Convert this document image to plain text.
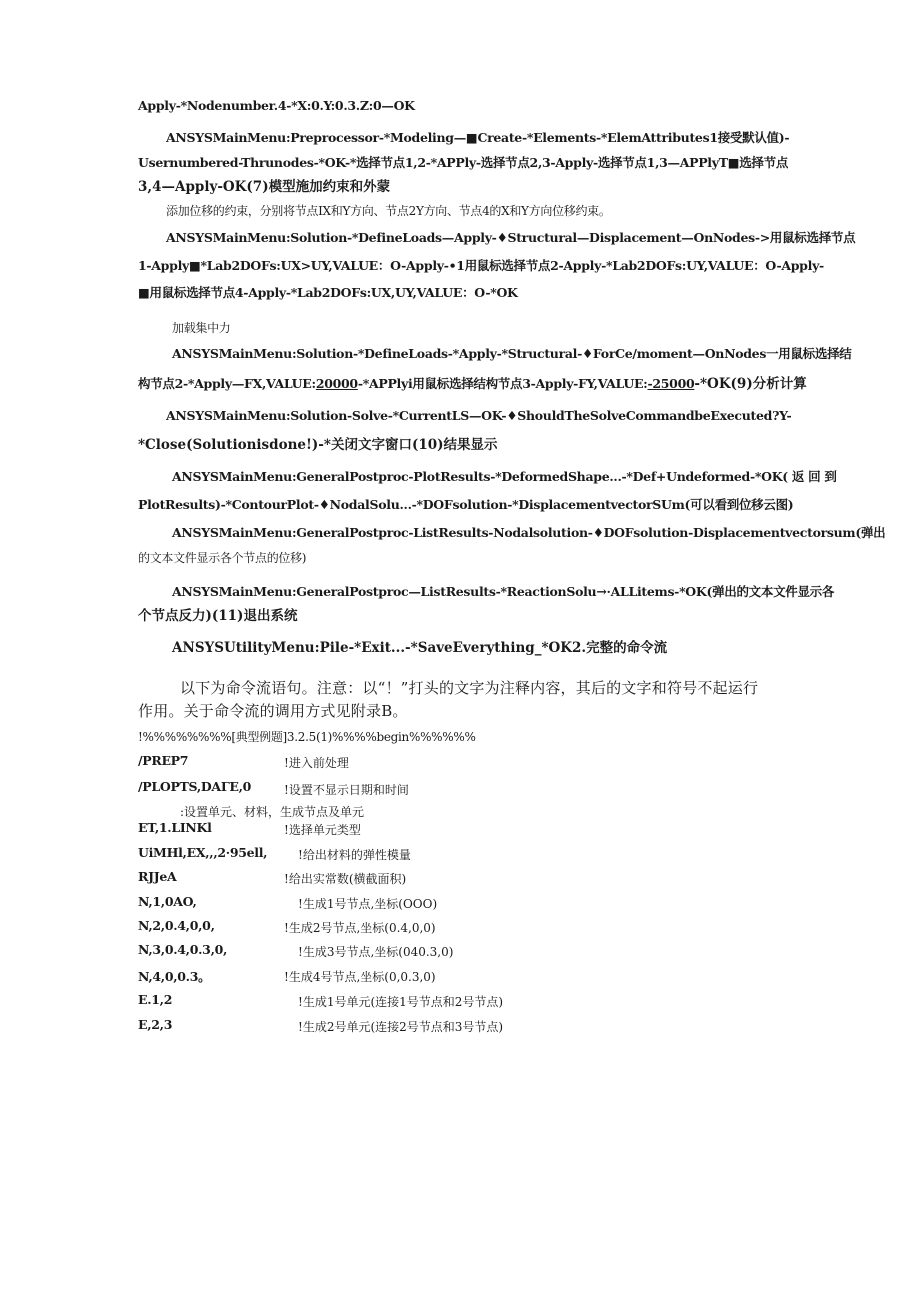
Apply-*Nodenumber.4-*X:0.Y:0.3.Z:0—OK
ANSYSMainMenu:Preprocessor-*Modeling—■Create-*Elements-*ElemAttributes1接受默认值)-
Usernumbered-Thrunodes-*OK-*选择节点1,2-*APPly-选择节点2,3-Apply-选择节点1,3—APPlyT■选择节点
3,4—Apply-OK(7)模型施加约束和外蒙
添加位移的约束，分别将节点IX和Y方向、节点2Y方向、节点4的X和Y方向位移约束。
ANSYSMainMenu:Solution-*DefineLoads—Apply-♦Structural—Displacement—OnNodes->用鼠标选择节点
1-Apply■*Lab2DOFs:UX>UY,VALUE：O-Apply-•1用鼠标选择节点2-Apply-*Lab2DOFs:UY,VALUE：O-Apply-
■用鼠标选择节点4-Apply-*Lab2DOFs:UX,UY,VALUE：O-*OK
加载集中力
ANSYSMainMenu:Solution-*DefineLoads-*Apply-*Structural-♦ForCe/moment—OnNodes一用鼠标选择结
构节点2-*Apply—FX,VALUE:20000-*APPlyi用鼠标选择结构节点3-Apply-FY,VALUE:-25000-*OK(9)分析计算
ANSYSMainMenu:Solution-Solve-*CurrentLS—OK-♦ShouldTheSolveCommandbeExecuted?Y-
*Close(Solutionisdone!)-*关闭文字窗口(10)结果显示
ANSYSMainMenu:GeneralPostproc-PlotResults-*DeformedShape...-*Def+Undeformed-*OK( 返 回 到
PlotResults)-*ContourPlot-♦NodalSolu...-*DOFsolution-*DisplacementvectorSUm(可以看到位移云图)
ANSYSMainMenu:GeneralPostproc-ListResults-Nodalsolution-♦DOFsolution-Displacementvectorsum(弹出
的文本文件显示各个节点的位移)
ANSYSMainMenu:GeneralPostproc—ListResults-*ReactionSolu→·ALLitems-*OK(弹出的文本文件显示各
个节点反力)(11)退出系统
ANSYSUtilityMenu:Pile-*Exit...-*SaveEverything_*OK2.完整的命令流
以下为命令流语句。注意：以“！”打头的文字为注释内容，其后的文字和符号不起运行
作用。关于命令流的调用方式见附录B。
!%%%%%%%%[典型例题]3.2.5(1)%%%%begin%%%%%%
/PREP7	!进入前处理
/PLOPTS,DAΓE,0	!设置不显示日期和时间
:设置单元、材料，生成节点及单元
ET,1.LINKl	!选择单元类型
UiMHl,EX,,,2·95ell,	!给出材料的弹性模量
RJJeA	!给出实常数(横截面积)
N,1,0AO,	!生成1号节点,坐标(OOO)
N,2,0.4,0,0,	!生成2号节点,坐标(0.4,0,0)
N,3,0.4,0.3,0,	!生成3号节点,坐标(040.3,0)
N,4,0,0.3。	!生成4号节点,坐标(0,0.3,0)
E.1,2	!生成1号单元(连接1号节点和2号节点)
E,2,3	!生成2号单元(连接2号节点和3号节点)
